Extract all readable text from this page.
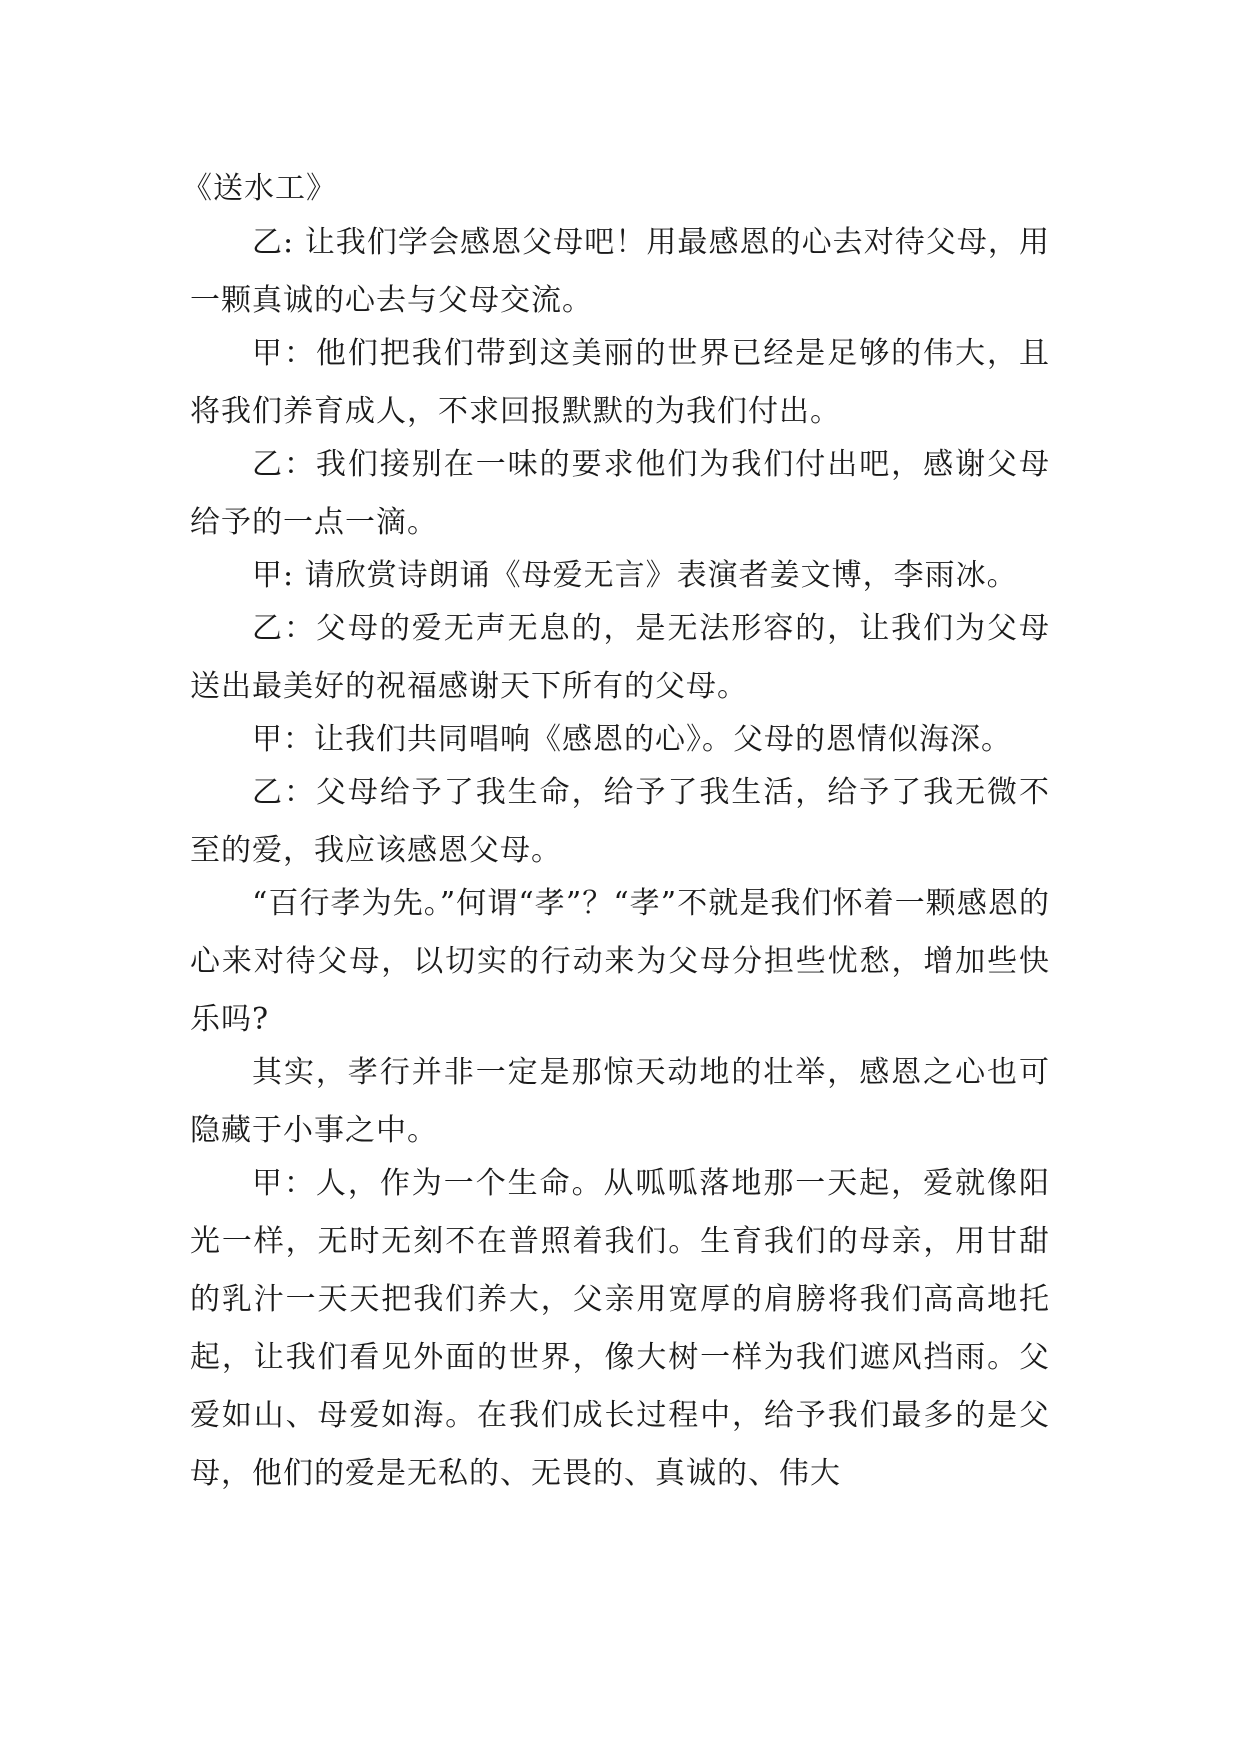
《送水工》

乙: 让我们学会感恩父母吧！用最感恩的心去对待父母，用一颗真诚的心去与父母交流。

甲：他们把我们带到这美丽的世界已经是足够的伟大，且将我们养育成人，不求回报默默的为我们付出。

乙：我们接别在一味的要求他们为我们付出吧，感谢父母给予的一点一滴。

甲: 请欣赏诗朗诵《母爱无言》表演者姜文博，李雨冰。

乙：父母的爱无声无息的，是无法形容的，让我们为父母送出最美好的祝福感谢天下所有的父母。

甲：让我们共同唱响《感恩的心》。父母的恩情似海深。

乙：父母给予了我生命，给予了我生活，给予了我无微不至的爱，我应该感恩父母。

“百行孝为先。”何谓“孝”？“孝”不就是我们怀着一颗感恩的心来对待父母，以切实的行动来为父母分担些忧愁，增加些快乐吗?

其实，孝行并非一定是那惊天动地的壮举，感恩之心也可隐藏于小事之中。

甲：人，作为一个生命。从呱呱落地那一天起，爱就像阳光一样，无时无刻不在普照着我们。生育我们的母亲，用甘甜的乳汁一天天把我们养大，父亲用宽厚的肩膀将我们高高地托起，让我们看见外面的世界，像大树一样为我们遮风挡雨。父爱如山、母爱如海。在我们成长过程中，给予我们最多的是父母，他们的爱是无私的、无畏的、真诚的、伟大
